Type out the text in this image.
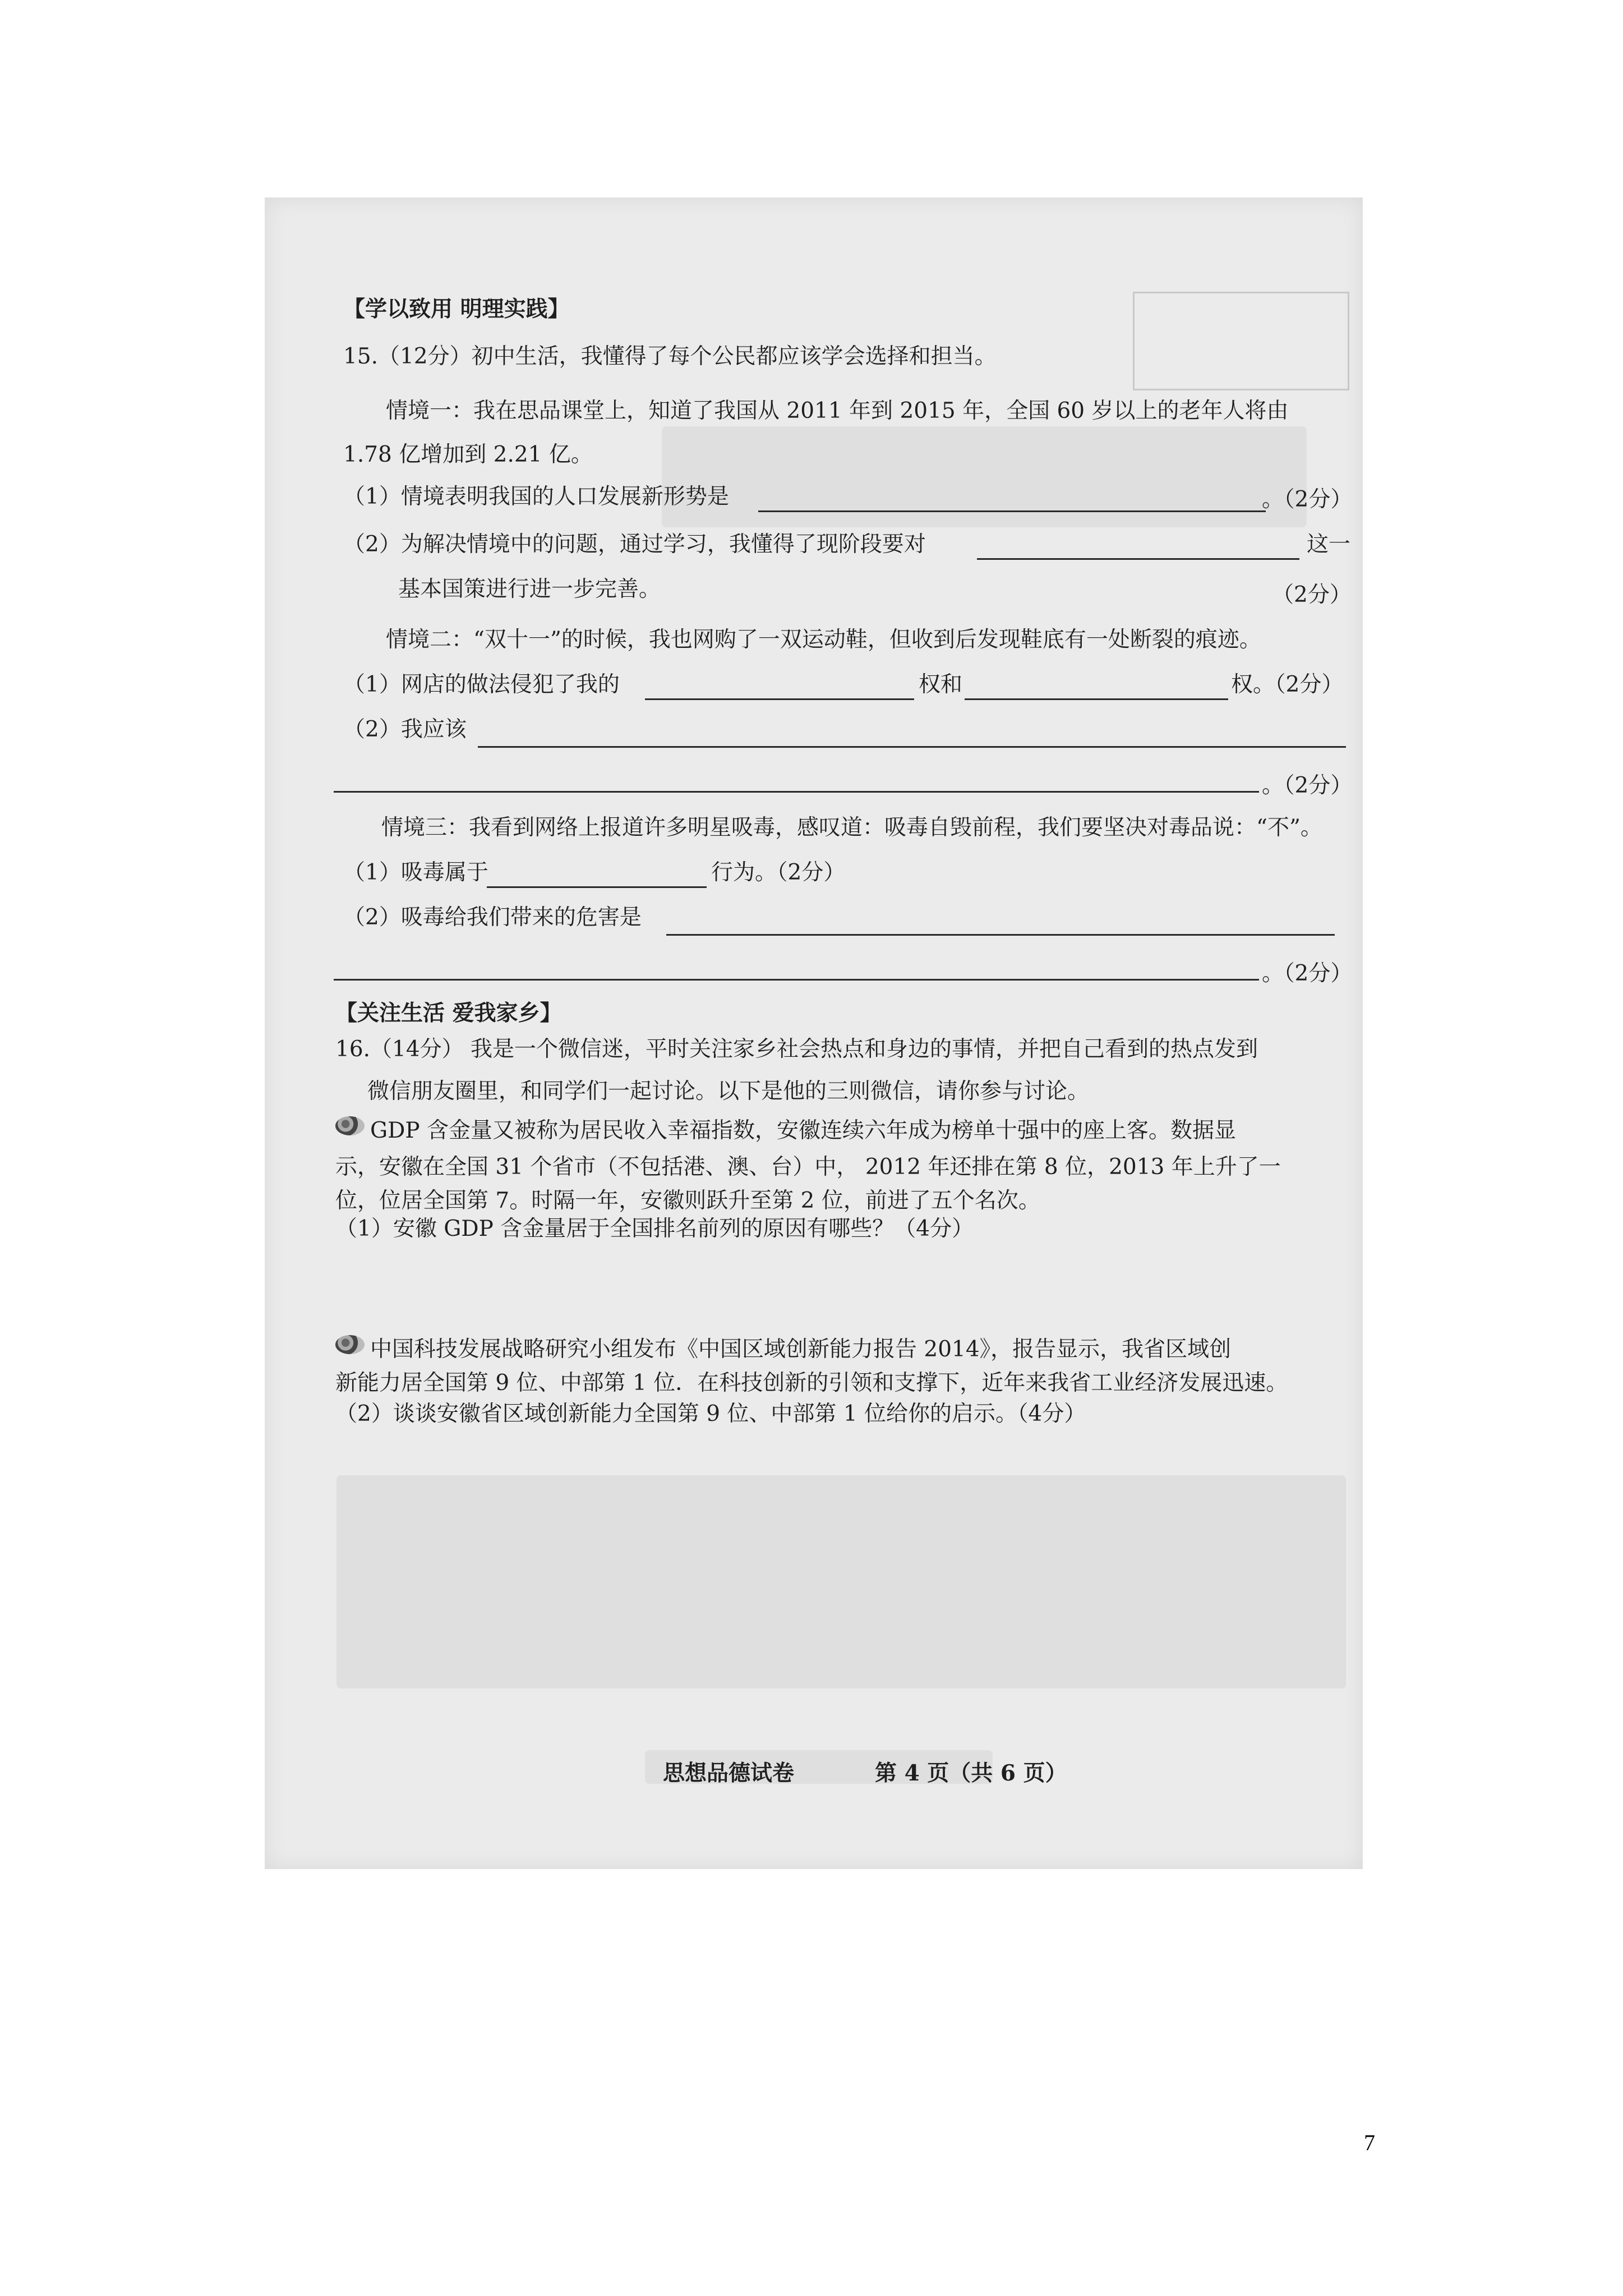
【学以致用 明理实践】
15.（12分）初中生活，我懂得了每个公民都应该学会选择和担当。
情境一：我在思品课堂上，知道了我国从 2011 年到 2015 年，全国 60 岁以上的老年人将由
1.78 亿增加到 2.21 亿。
（1）情境表明我国的人口发展新形势是	。（2分）
（2）为解决情境中的问题，通过学习，我懂得了现阶段要对	这一
基本国策进行进一步完善。	（2分）
情境二：“双十一”的时候，我也网购了一双运动鞋，但收到后发现鞋底有一处断裂的痕迹。
（1）网店的做法侵犯了我的	权和	权。（2分）
（2）我应该
。（2分）
情境三：我看到网络上报道许多明星吸毒，感叹道：吸毒自毁前程，我们要坚决对毒品说：“不”。
（1）吸毒属于	行为。（2分）
（2）吸毒给我们带来的危害是
。（2分）
【关注生活 爱我家乡】
16.（14分） 我是一个微信迷，平时关注家乡社会热点和身边的事情，并把自己看到的热点发到
微信朋友圈里，和同学们一起讨论。以下是他的三则微信，请你参与讨论。
GDP 含金量又被称为居民收入幸福指数，安徽连续六年成为榜单十强中的座上客。数据显
示，安徽在全国 31 个省市（不包括港、澳、台）中， 2012 年还排在第 8 位，2013 年上升了一
位，位居全国第 7。时隔一年，安徽则跃升至第 2 位，前进了五个名次。
（1）安徽 GDP 含金量居于全国排名前列的原因有哪些？（4分）
中国科技发展战略研究小组发布《中国区域创新能力报告 2014》，报告显示，我省区域创
新能力居全国第 9 位、中部第 1 位．在科技创新的引领和支撑下，近年来我省工业经济发展迅速。
（2）谈谈安徽省区域创新能力全国第 9 位、中部第 1 位给你的启示。（4分）
思想品德试卷	第 4 页（共 6 页）
7
